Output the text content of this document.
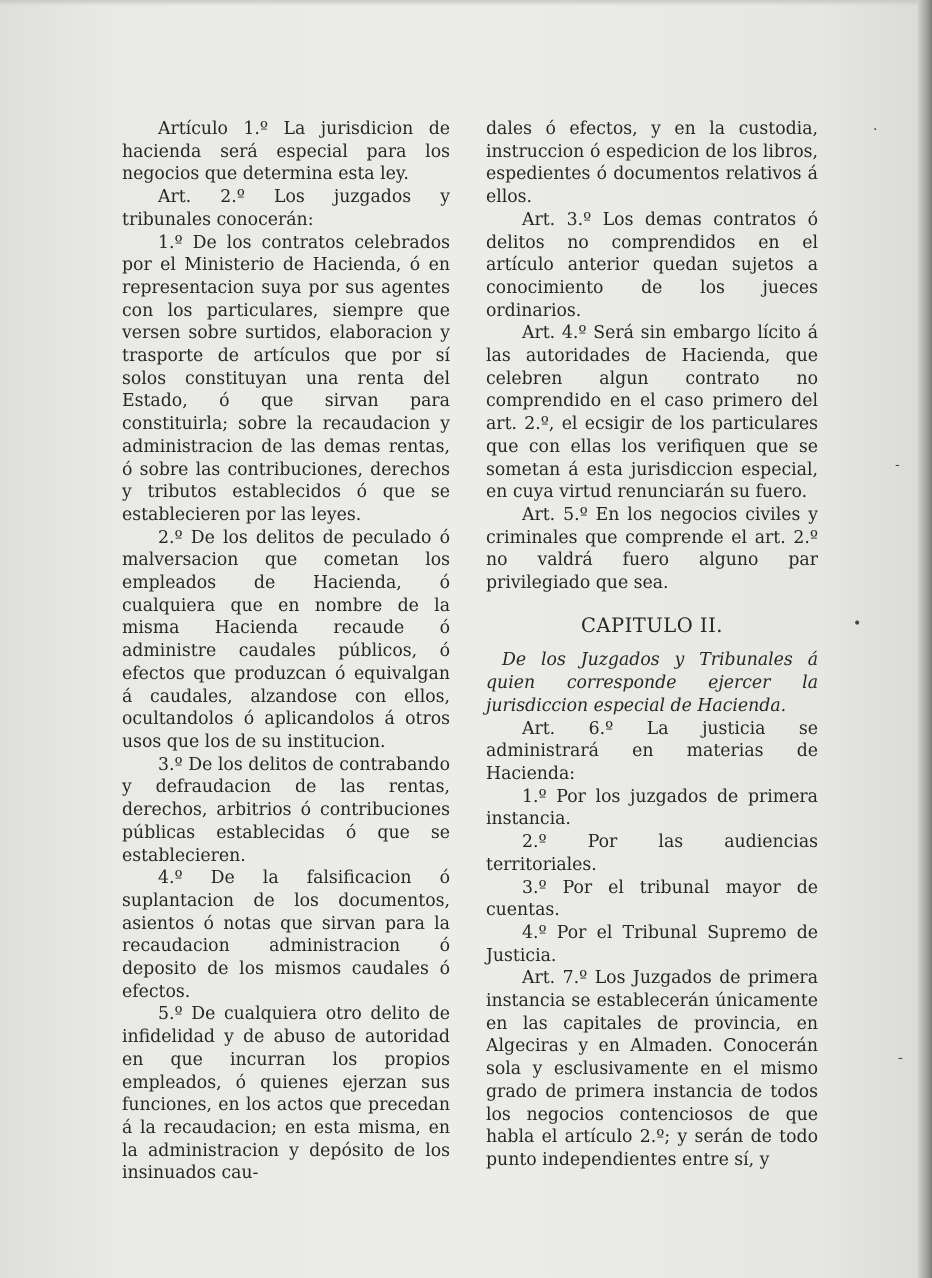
·
-
•
-

Artículo 1.º La jurisdicion de hacienda será especial para los negocios que determina esta ley.

Art. 2.º Los juzgados y tribunales conocerán:

1.º De los contratos celebrados por el Ministerio de Hacienda, ó en representacion suya por sus agentes con los particulares, siempre que versen sobre surtidos, elaboracion y trasporte de artículos que por sí solos constituyan una renta del Estado, ó que sirvan para constituirla; sobre la recaudacion y administracion de las demas rentas, ó sobre las contribuciones, derechos y tributos establecidos ó que se establecieren por las leyes.

2.º De los delitos de peculado ó malversacion que cometan los empleados de Hacienda, ó cualquiera que en nombre de la misma Hacienda recaude ó administre caudales públicos, ó efectos que produzcan ó equivalgan á caudales, alzandose con ellos, ocultandolos ó aplicandolos á otros usos que los de su institucion.

3.º De los delitos de contrabando y defraudacion de las rentas, derechos, arbitrios ó contribuciones públicas establecidas ó que se establecieren.

4.º De la falsificacion ó suplantacion de los documentos, asientos ó notas que sirvan para la recaudacion administracion ó deposito de los mismos caudales ó efectos.

5.º De cualquiera otro delito de infidelidad y de abuso de autoridad en que incurran los propios empleados, ó quienes ejerzan sus funciones, en los actos que precedan á la recaudacion; en esta misma, en la administracion y depósito de los insinuados cau-

dales ó efectos, y en la custodia, instruccion ó espedicion de los libros, espedientes ó documentos relativos á ellos.

Art. 3.º Los demas contratos ó delitos no comprendidos en el artículo anterior quedan sujetos a conocimiento de los jueces ordinarios.

Art. 4.º Será sin embargo lícito á las autoridades de Hacienda, que celebren algun contrato no comprendido en el caso primero del art. 2.º, el ecsigir de los particulares que con ellas los verifiquen que se sometan á esta jurisdiccion especial, en cuya virtud renunciarán su fuero.

Art. 5.º En los negocios civiles y criminales que comprende el art. 2.º no valdrá fuero alguno par privilegiado que sea.

CAPITULO II.

De los Juzgados y Tribunales á quien corresponde ejercer la jurisdiccion especial de Hacienda.

Art. 6.º La justicia se administrará en materias de Hacienda:

1.º Por los juzgados de primera instancia.

2.º Por las audiencias territoriales.

3.º Por el tribunal mayor de cuentas.

4.º Por el Tribunal Supremo de Justicia.

Art. 7.º Los Juzgados de primera instancia se establecerán únicamente en las capitales de provincia, en Algeciras y en Almaden. Conocerán sola y esclusivamente en el mismo grado de primera instancia de todos los negocios contenciosos de que habla el artículo 2.º; y serán de todo punto independientes entre sí, y
